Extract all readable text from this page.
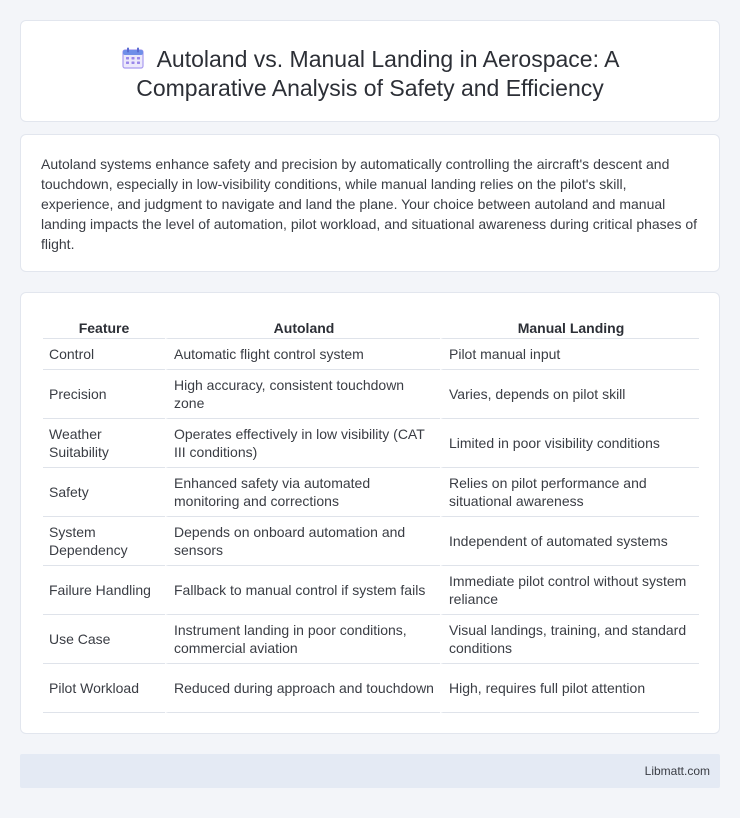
Autoland vs. Manual Landing in Aerospace: A Comparative Analysis of Safety and Efficiency

Autoland systems enhance safety and precision by automatically controlling the aircraft's descent and touchdown, especially in low-visibility conditions, while manual landing relies on the pilot's skill, experience, and judgment to navigate and land the plane. Your choice between autoland and manual landing impacts the level of automation, pilot workload, and situational awareness during critical phases of flight.

Feature	Autoland	Manual Landing
Control	Automatic flight control system	Pilot manual input
Precision	High accuracy, consistent touchdown zone	Varies, depends on pilot skill
Weather Suitability	Operates effectively in low visibility (CAT III conditions)	Limited in poor visibility conditions
Safety	Enhanced safety via automated monitoring and corrections	Relies on pilot performance and situational awareness
System Dependency	Depends on onboard automation and sensors	Independent of automated systems
Failure Handling	Fallback to manual control if system fails	Immediate pilot control without system reliance
Use Case	Instrument landing in poor conditions, commercial aviation	Visual landings, training, and standard conditions
Pilot Workload	Reduced during approach and touchdown	High, requires full pilot attention
Libmatt.com
